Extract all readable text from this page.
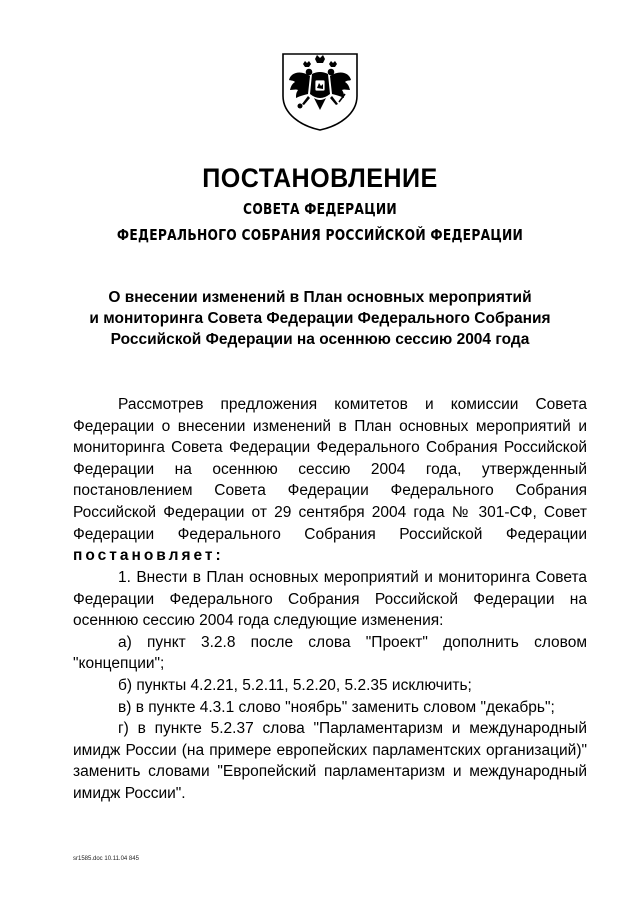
ПОСТАНОВЛЕНИЕ
СОВЕТА ФЕДЕРАЦИИ
ФЕДЕРАЛЬНОГО СОБРАНИЯ РОССИЙСКОЙ ФЕДЕРАЦИИ
О внесении изменений в План основных мероприятий
и мониторинга Совета Федерации Федерального Собрания
Российской Федерации на осеннюю сессию 2004 года
Рассмотрев предложения комитетов и комиссии Совета Федерации о внесении изменений в План основных мероприятий и мониторинга Совета Федерации Федерального Собрания Российской Федерации на осеннюю сессию 2004 года, утвержденный постановлением Совета Федерации Федерального Собрания Российской Федерации от 29 сентября 2004 года № 301-СФ, Совет Федерации Федерального Собрания Российской Федерации постановляет:
1. Внести в План основных мероприятий и мониторинга Совета Федерации Федерального Собрания Российской Федерации на осеннюю сессию 2004 года следующие изменения:
а) пункт 3.2.8 после слова "Проект" дополнить словом "концепции";
б) пункты 4.2.21, 5.2.11, 5.2.20, 5.2.35 исключить;
в) в пункте 4.3.1 слово "ноябрь" заменить словом "декабрь";
г) в пункте 5.2.37 слова "Парламентаризм и международный имидж России (на примере европейских парламентских организаций)" заменить словами "Европейский парламентаризм и международный имидж России".
sr1585.doc 10.11.04 845
